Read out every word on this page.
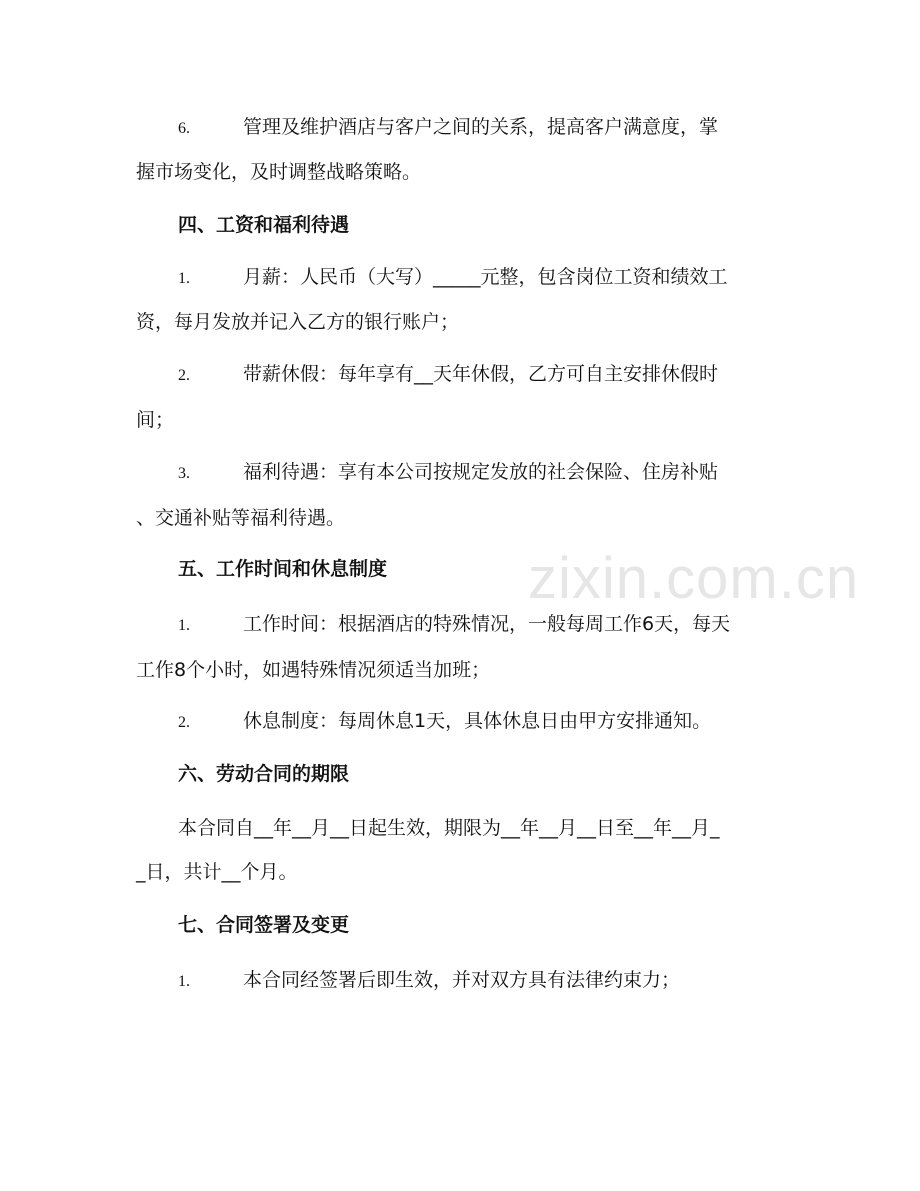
zixin.com.cn
6.	管理及维护酒店与客户之间的关系，提高客户满意度，掌
握市场变化，及时调整战略策略。
四、工资和福利待遇
1.	月薪：人民币（大写）_____元整，包含岗位工资和绩效工
资，每月发放并记入乙方的银行账户；
2.	带薪休假：每年享有__天年休假，乙方可自主安排休假时
间；
3.	福利待遇：享有本公司按规定发放的社会保险、住房补贴
、交通补贴等福利待遇。
五、工作时间和休息制度
1.	工作时间：根据酒店的特殊情况，一般每周工作6天，每天
工作8个小时，如遇特殊情况须适当加班；
2.	休息制度：每周休息1天，具体休息日由甲方安排通知。
六、劳动合同的期限
本合同自__年__月__日起生效，期限为__年__月__日至__年__月_
_日，共计__个月。
七、合同签署及变更
1.	本合同经签署后即生效，并对双方具有法律约束力；
